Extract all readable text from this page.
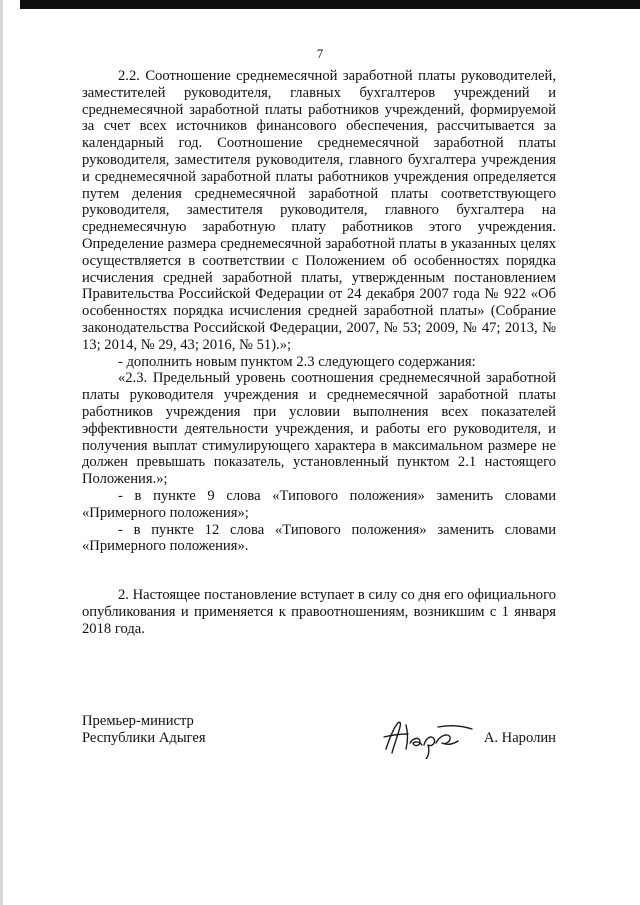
7

2.2. Соотношение среднемесячной заработной платы руководителей, заместителей руководителя, главных бухгалтеров учреждений и среднемесячной заработной платы работников учреждений, формируемой за счет всех источников финансового обеспечения, рассчитывается за календарный год. Соотношение среднемесячной заработной платы руководителя, заместителя руководителя, главного бухгалтера учреждения и среднемесячной заработной платы работников учреждения определяется путем деления среднемесячной заработной платы соответствующего руководителя, заместителя руководителя, главного бухгалтера на среднемесячную заработную плату работников этого учреждения. Определение размера среднемесячной заработной платы в указанных целях осуществляется в соответствии с Положением об особенностях порядка исчисления средней заработной платы, утвержденным постановлением Правительства Российской Федерации от 24 декабря 2007 года № 922 «Об особенностях порядка исчисления средней заработной платы» (Собрание законодательства Российской Федерации, 2007, № 53; 2009, № 47; 2013, № 13; 2014, № 29, 43; 2016, № 51).»;

- дополнить новым пунктом 2.3 следующего содержания:

«2.3. Предельный уровень соотношения среднемесячной заработной платы руководителя учреждения и среднемесячной заработной платы работников учреждения при условии выполнения всех показателей эффективности деятельности учреждения, и работы его руководителя, и получения выплат стимулирующего характера в максимальном размере не должен превышать показатель, установленный пунктом 2.1 настоящего Положения.»;

- в пункте 9 слова «Типового положения» заменить словами «Примерного положения»;

- в пункте 12 слова «Типового положения» заменить словами «Примерного положения».

2. Настоящее постановление вступает в силу со дня его официального опубликования и применяется к правоотношениям, возникшим с 1 января 2018 года.

Премьер-министр
Республики Адыгея	А. Наролин
